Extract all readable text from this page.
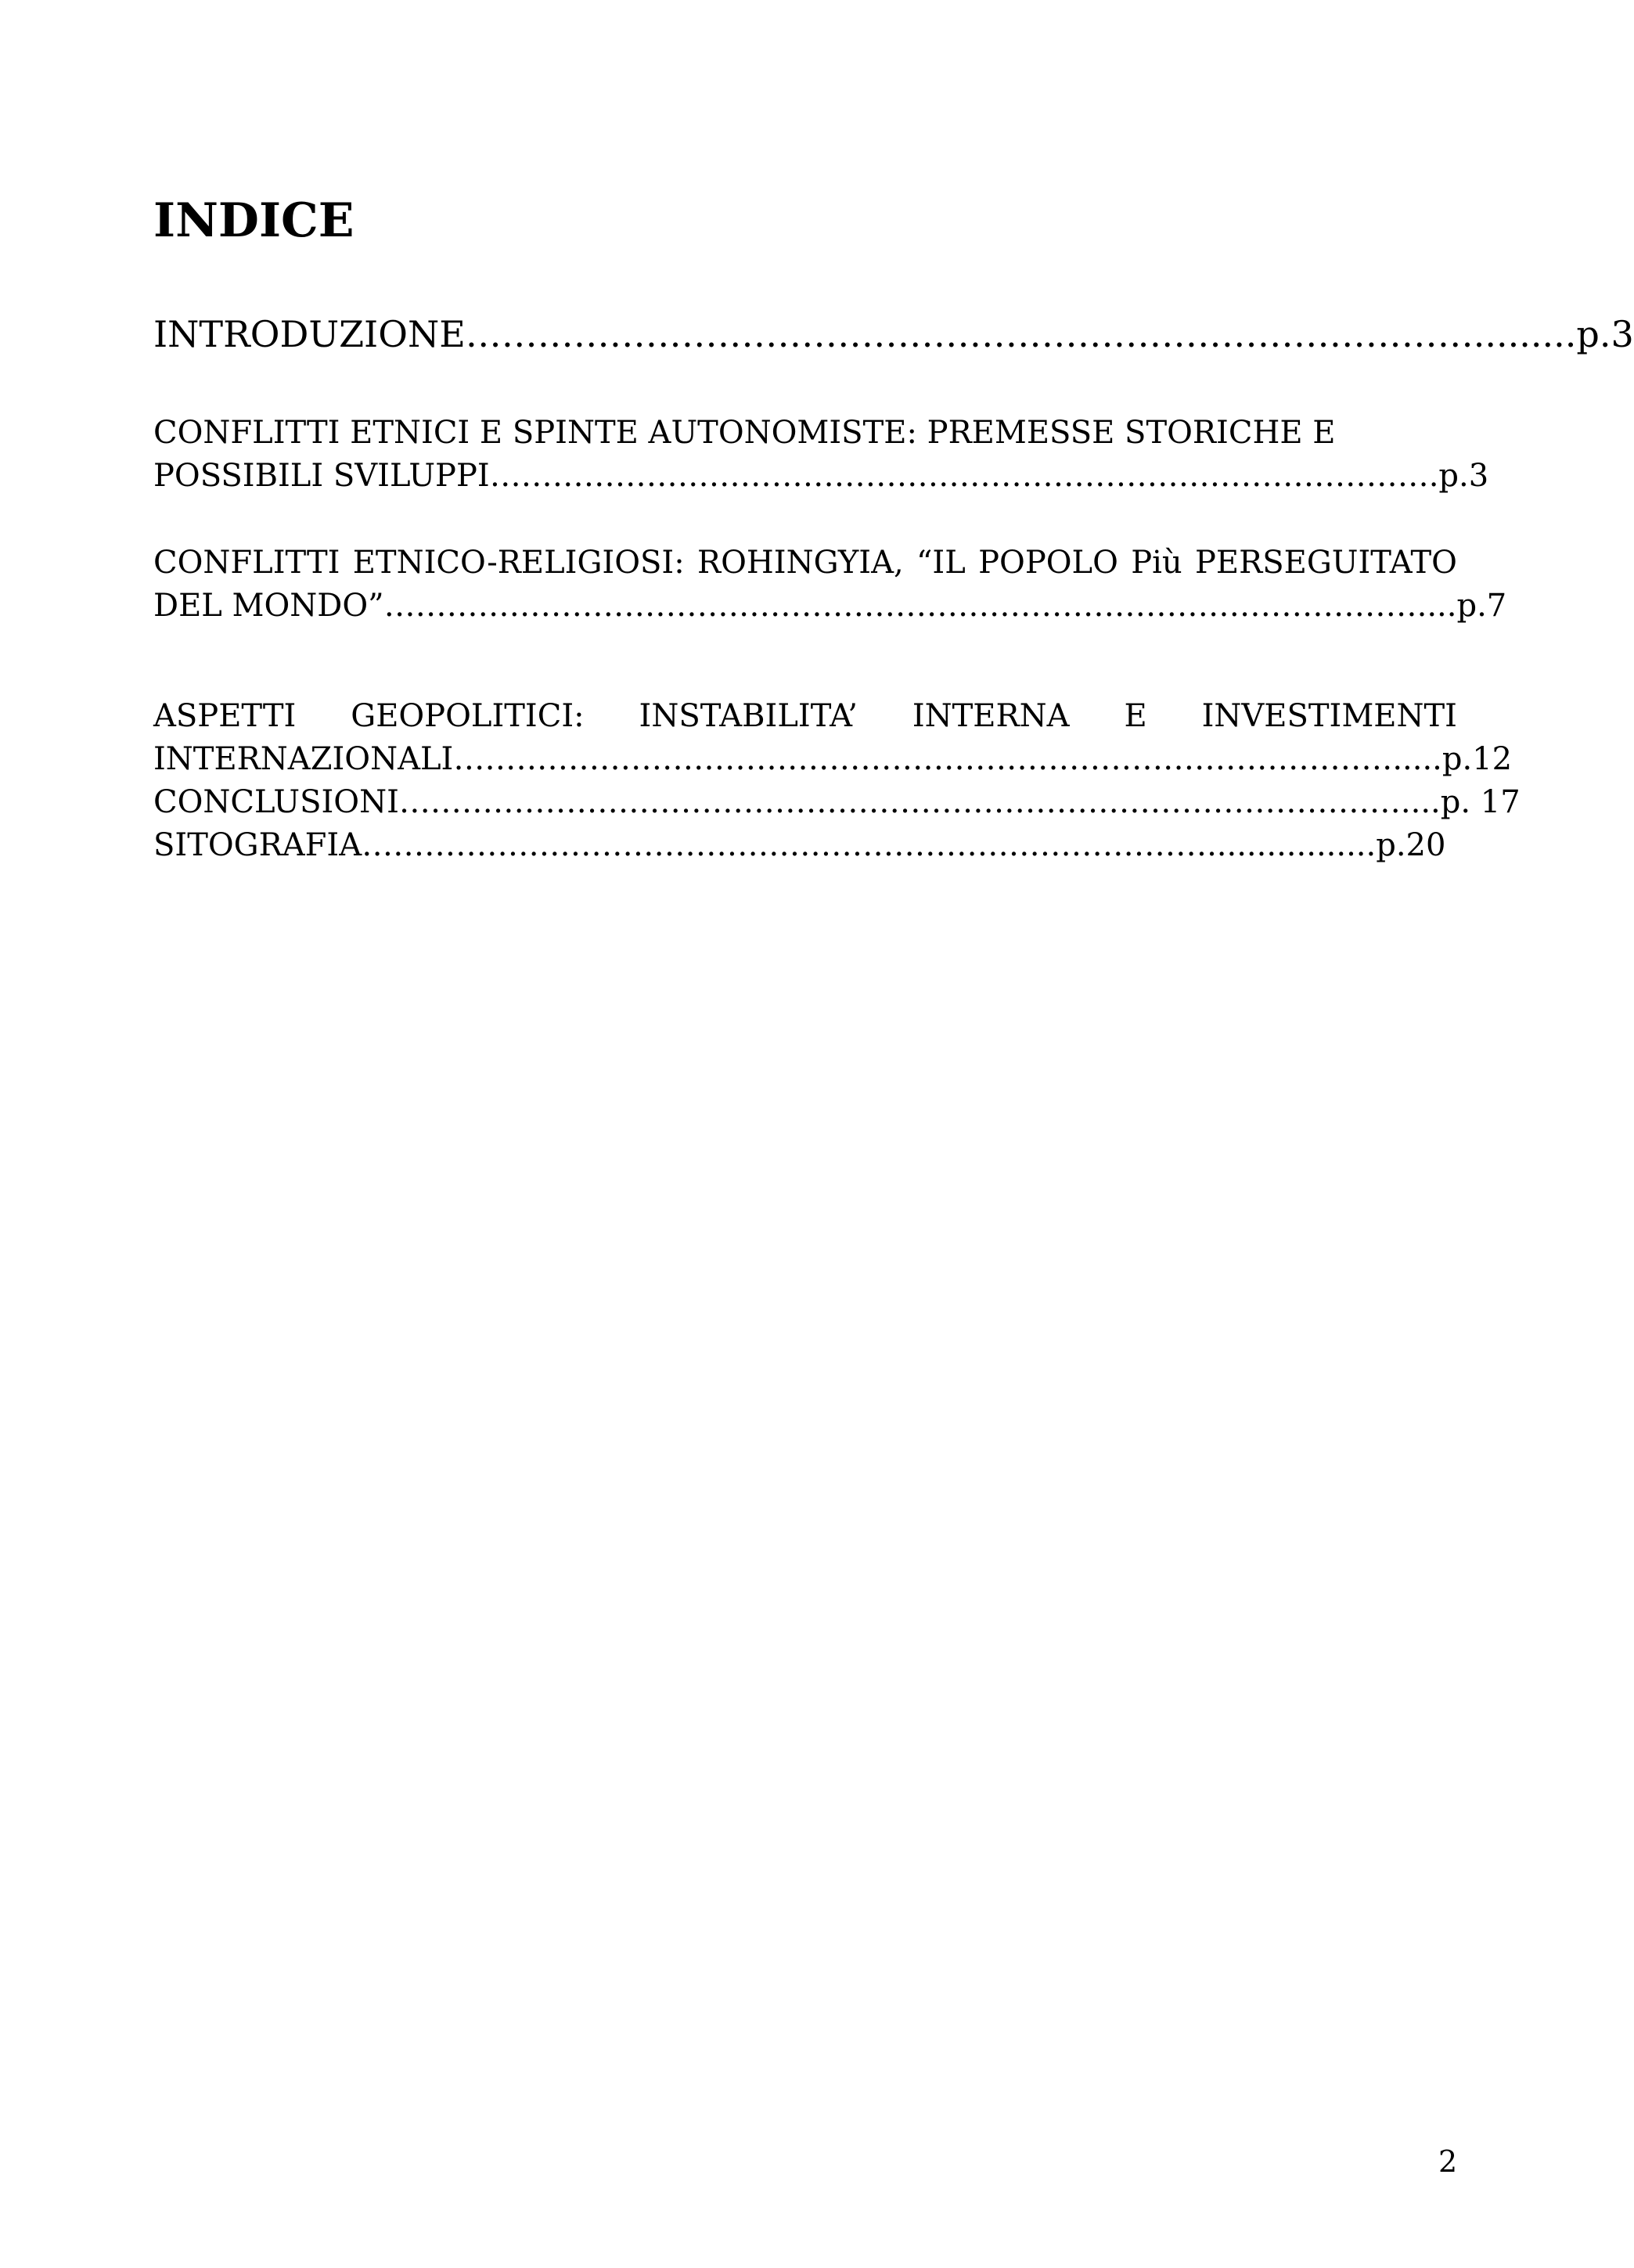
INDICE
INTRODUZIONE………………………………………………………………………….........p.3
CONFLITTI ETNICI E SPINTE AUTONOMISTE: PREMESSE STORICHE E
POSSIBILI SVILUPPI……………………………………………………………………………….p.3
CONFLITTI ETNICO-RELIGIOSI: ROHINGYIA, “IL POPOLO Più PERSEGUITATO
DEL MONDO”………………………………………………………………………………………....p.7
ASPETTI GEOPOLITICI: INSTABILITA’ INTERNA E INVESTIMENTI
INTERNAZIONALI……………………………………………………………………………….....p.12
CONCLUSIONI……………………………………………………………………………………....p. 17
SITOGRAFIA……………………………………………………………………….................p.20
2
